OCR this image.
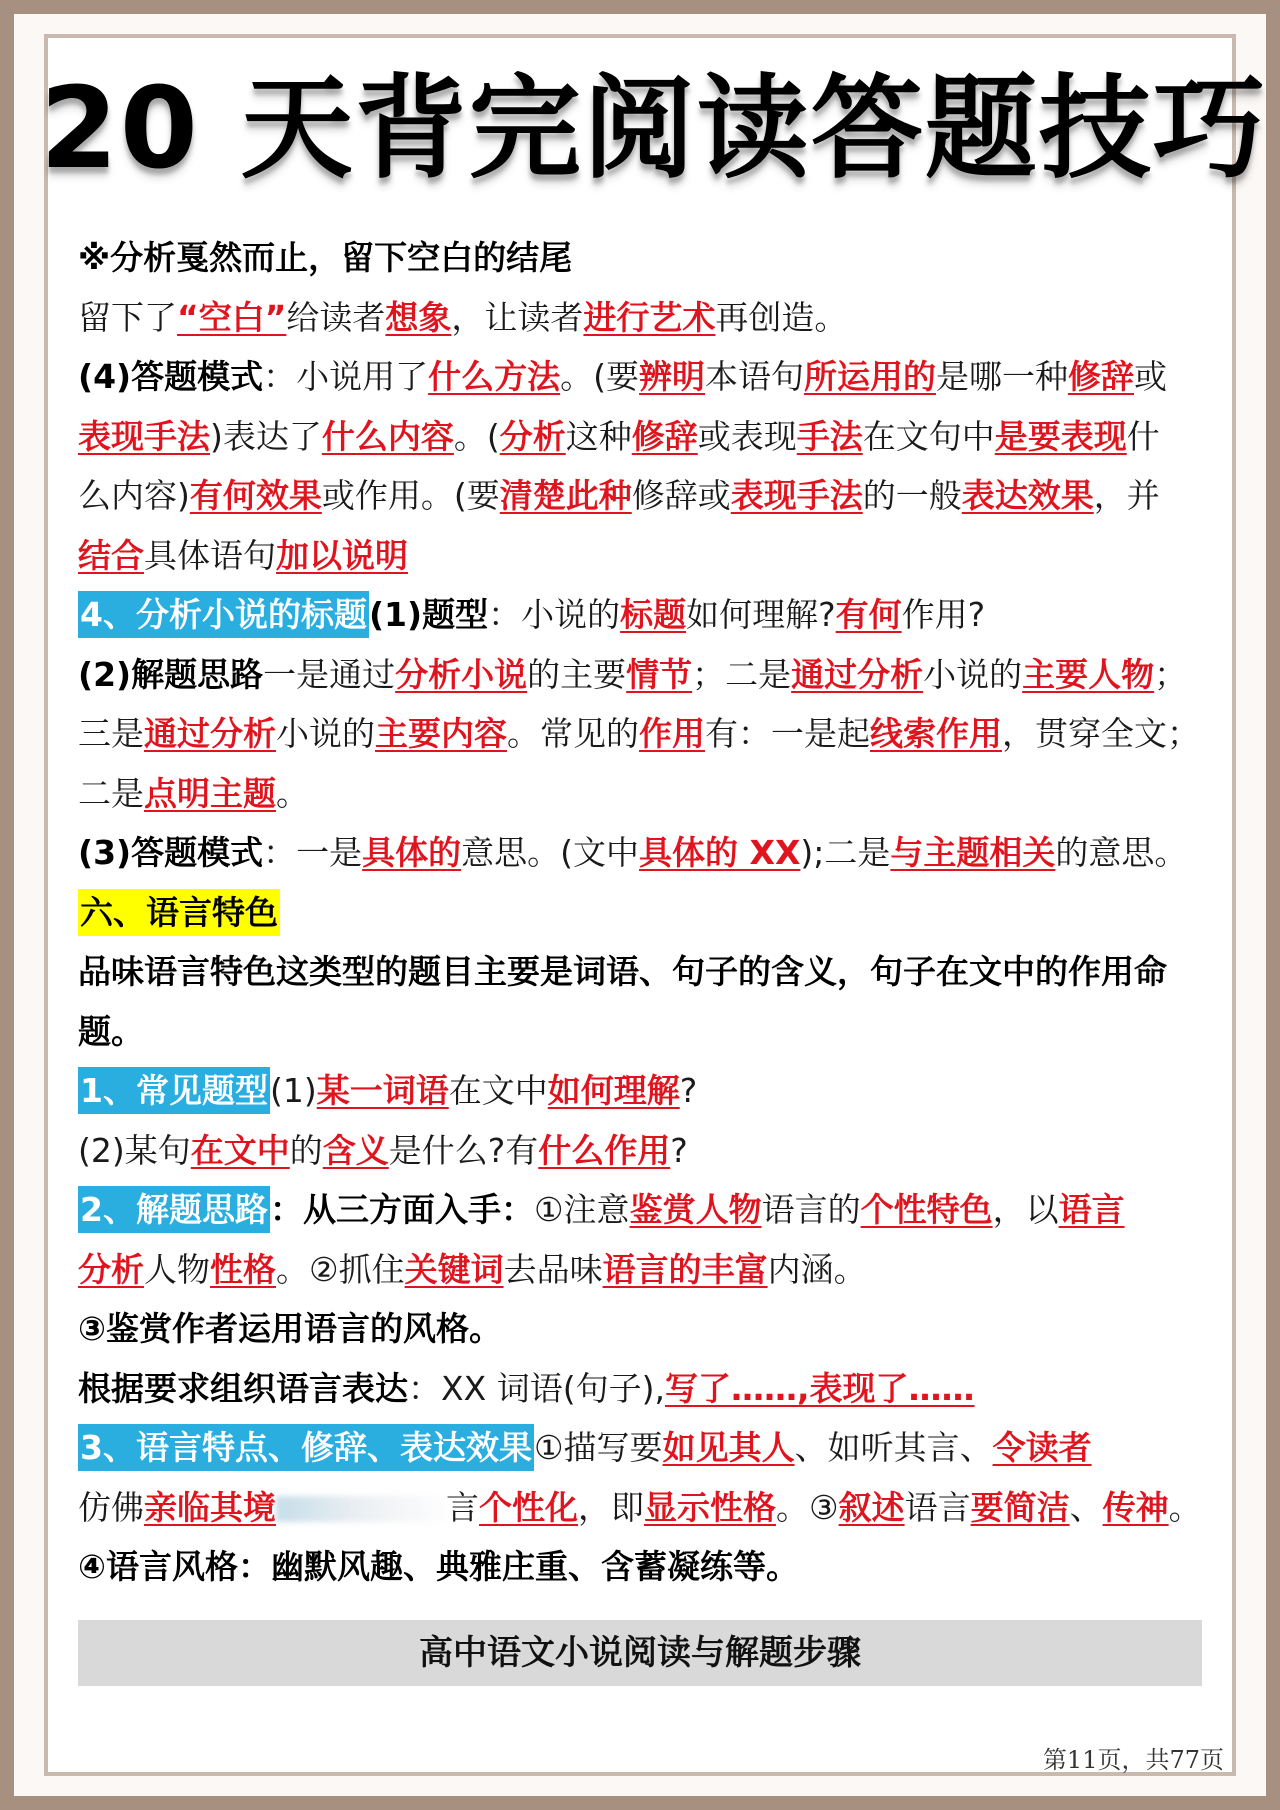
20 天背完阅读答题技巧
※分析戛然而止，留下空白的结尾
留下了“空白”给读者想象，让读者进行艺术再创造。
(4)答题模式：小说用了什么方法。(要辨明本语句所运用的是哪一种修辞或
表现手法)表达了什么内容。(分析这种修辞或表现手法在文句中是要表现什
么内容)有何效果或作用。(要清楚此种修辞或表现手法的一般表达效果，并
结合具体语句加以说明
4、分析小说的标题(1)题型：小说的标题如何理解?有何作用?
(2)解题思路一是通过分析小说的主要情节；二是通过分析小说的主要人物；
三是通过分析小说的主要内容。常见的作用有：一是起线索作用，贯穿全文；
二是点明主题。
(3)答题模式：一是具体的意思。(文中具体的 XX);二是与主题相关的意思。
六、语言特色
品味语言特色这类型的题目主要是词语、句子的含义，句子在文中的作用命
题。
1、常见题型(1)某一词语在文中如何理解?
(2)某句在文中的含义是什么?有什么作用?
2、解题思路：从三方面入手：①注意鉴赏人物语言的个性特色，以语言
分析人物性格。②抓住关键词去品味语言的丰富内涵。
③鉴赏作者运用语言的风格。
根据要求组织语言表达：XX 词语(句子),写了……,表现了……
3、语言特点、修辞、表达效果①描写要如见其人、如听其言、令读者
仿佛亲临其境	言个性化，即显示性格。③叙述语言要简洁、传神。
④语言风格：幽默风趣、典雅庄重、含蓄凝练等。
高中语文小说阅读与解题步骤
第11页，共77页
